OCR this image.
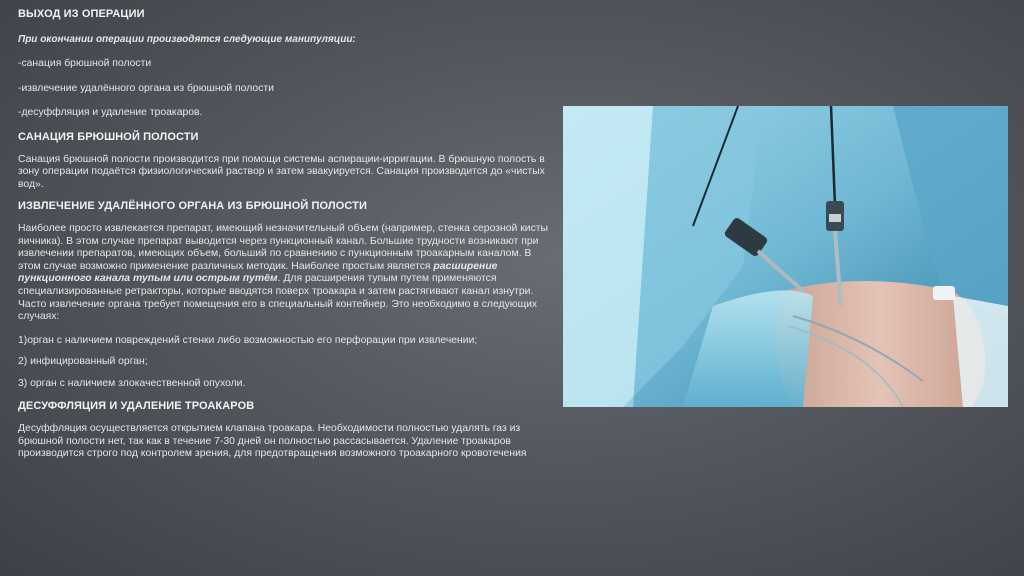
ВЫХОД ИЗ ОПЕРАЦИИ

При окончании операции производятся следующие манипуляции:

-санация брюшной полости

-извлечение удалённого органа из брюшной полости

-десуффляция и удаление троакаров.

САНАЦИЯ БРЮШНОЙ ПОЛОСТИ

Санация брюшной полости производится при помощи системы аспирации-ирригации. В брюшную полость в зону операции подаётся физиологический раствор и затем эвакуируется. Санация производится до «чистых вод».

ИЗВЛЕЧЕНИЕ УДАЛЁННОГО ОРГАНА ИЗ БРЮШНОЙ ПОЛОСТИ

Наиболее просто извлекается препарат, имеющий незначительный объем (например, стенка серозной кисты яичника). В этом случае препарат выводится через пункционный канал. Большие трудности возникают при извлечении препаратов, имеющих объем, больший по сравнению с пункционным троакарным каналом. В этом случае возможно применение различных методик. Наиболее простым является расширение пункционного канала тупым или острым путём. Для расширения тупым путем применяются специализированные ретракторы, которые вводятся поверх троакара и затем растягивают канал изнутри. Часто извлечение органа требует помещения его в специальный контейнер. Это необходимо в следующих случаях:

1)орган с наличием повреждений стенки либо возможностью его перфорации при извлечении;

2) инфицированный орган;

3) орган с наличием злокачественной опухоли.

ДЕСУФФЛЯЦИЯ И УДАЛЕНИЕ ТРОАКАРОВ

Десуффляция осуществляется открытием клапана троакара. Необходимости полностью удалять газ из брюшной полости нет, так как в течение 7-30 дней он полностью рассасывается. Удаление троакаров производится строго под контролем зрения, для предотвращения возможного троакарного кровотечения
